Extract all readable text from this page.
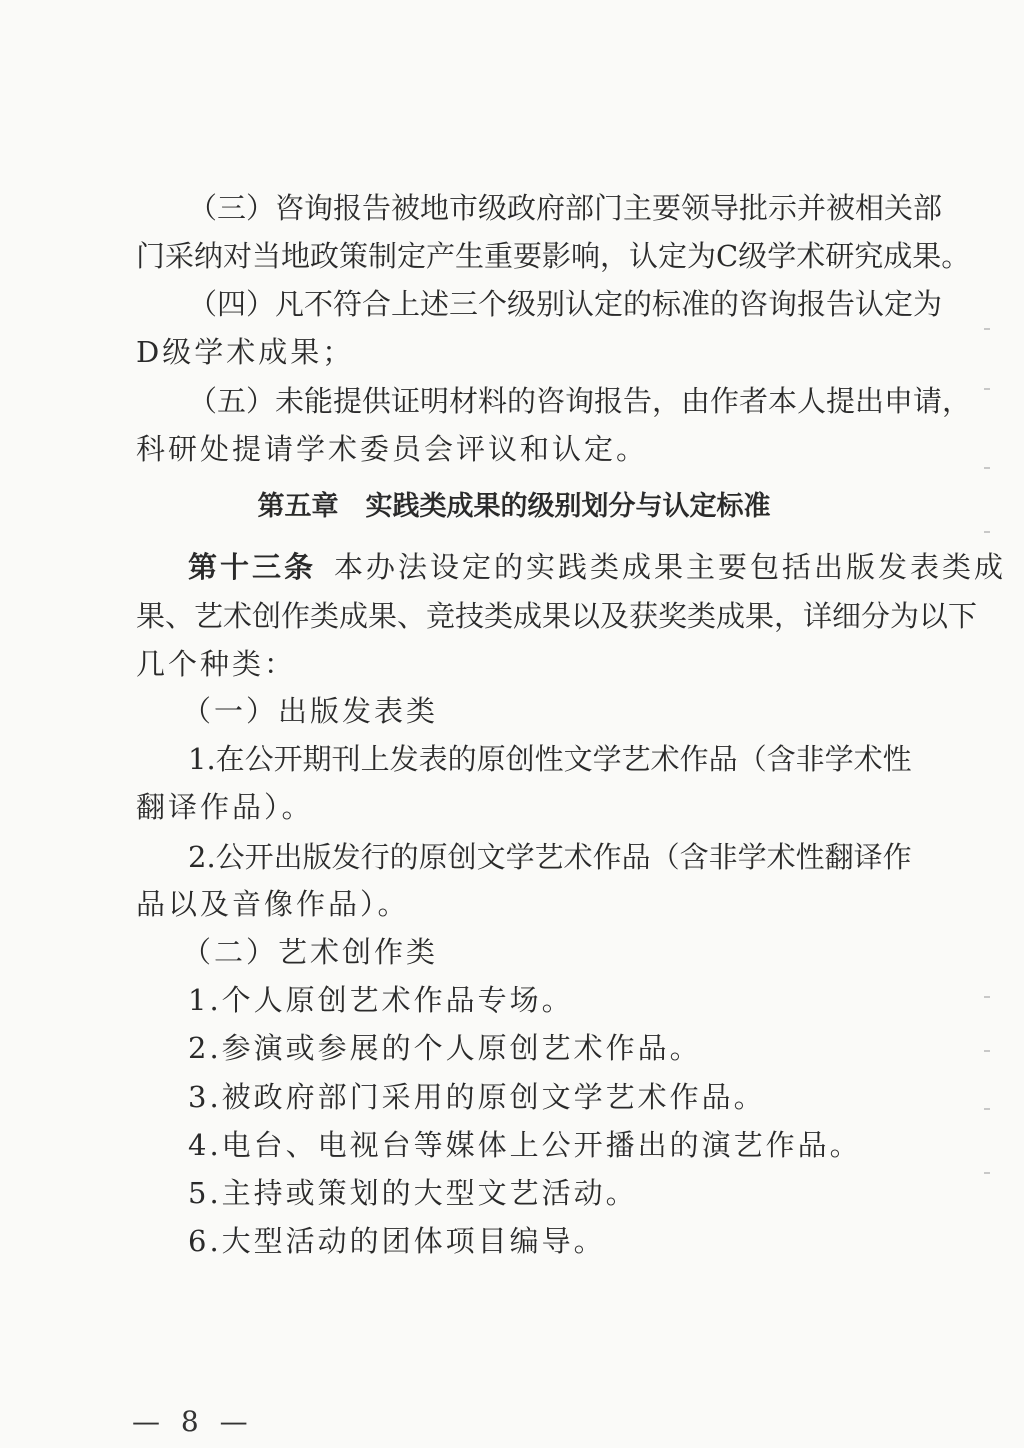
（三）咨询报告被地市级政府部门主要领导批示并被相关部
门采纳对当地政策制定产生重要影响，认定为C级学术研究成果。
（四）凡不符合上述三个级别认定的标准的咨询报告认定为
D级学术成果；
（五）未能提供证明材料的咨询报告，由作者本人提出申请，
科研处提请学术委员会评议和认定。
第五章　实践类成果的级别划分与认定标准
第十三条 本办法设定的实践类成果主要包括出版发表类成
果、艺术创作类成果、竞技类成果以及获奖类成果，详细分为以下
几个种类：
（一）出版发表类
1.在公开期刊上发表的原创性文学艺术作品（含非学术性
翻译作品）。
2.公开出版发行的原创文学艺术作品（含非学术性翻译作
品以及音像作品）。
（二）艺术创作类
1.个人原创艺术作品专场。
2.参演或参展的个人原创艺术作品。
3.被政府部门采用的原创文学艺术作品。
4.电台、电视台等媒体上公开播出的演艺作品。
5.主持或策划的大型文艺活动。
6.大型活动的团体项目编导。
— 8 —
